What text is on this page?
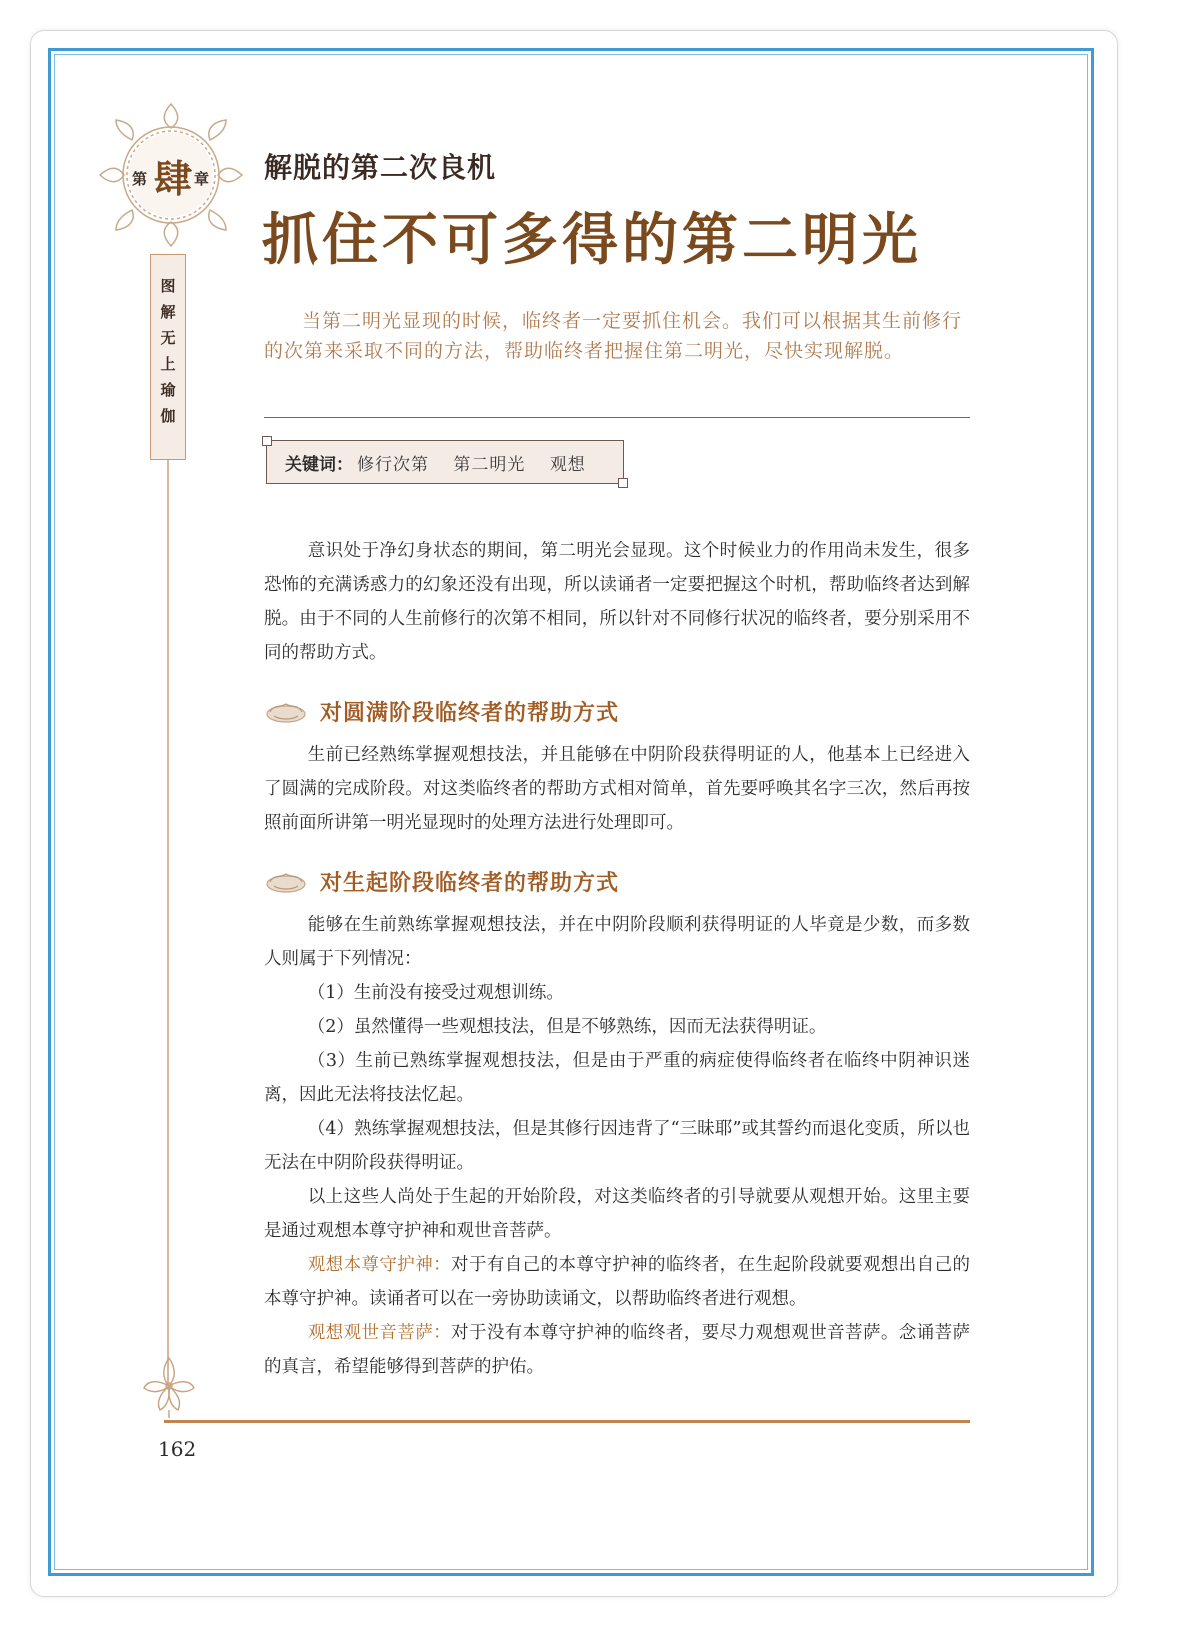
第 肆 章
图
解
无
上
瑜
伽
解脱的第二次良机
抓住不可多得的第二明光

当第二明光显现的时候，临终者一定要抓住机会。我们可以根据其生前修行的次第来采取不同的方法，帮助临终者把握住第二明光，尽快实现解脱。

关键词 ： 修行次第 第二明光 观想

意识处于净幻身状态的期间，第二明光会显现。这个时候业力的作用尚未发生，很多恐怖的充满诱惑力的幻象还没有出现，所以读诵者一定要把握这个时机，帮助临终者达到解脱。由于不同的人生前修行的次第不相同，所以针对不同修行状况的临终者，要分别采用不同的帮助方式。

对圆满阶段临终者的帮助方式

生前已经熟练掌握观想技法，并且能够在中阴阶段获得明证的人，他基本上已经进入了圆满的完成阶段。对这类临终者的帮助方式相对简单，首先要呼唤其名字三次，然后再按照前面所讲第一明光显现时的处理方法进行处理即可。

对生起阶段临终者的帮助方式

能够在生前熟练掌握观想技法，并在中阴阶段顺利获得明证的人毕竟是少数，而多数人则属于下列情况：

（1）生前没有接受过观想训练。

（2）虽然懂得一些观想技法，但是不够熟练，因而无法获得明证。

（3）生前已熟练掌握观想技法，但是由于严重的病症使得临终者在临终中阴神识迷离，因此无法将技法忆起。

（4）熟练掌握观想技法，但是其修行因违背了“三昧耶”或其誓约而退化变质，所以也无法在中阴阶段获得明证。

以上这些人尚处于生起的开始阶段，对这类临终者的引导就要从观想开始。这里主要是通过观想本尊守护神和观世音菩萨。

观想本尊守护神：对于有自己的本尊守护神的临终者，在生起阶段就要观想出自己的本尊守护神。读诵者可以在一旁协助读诵文，以帮助临终者进行观想。

观想观世音菩萨：对于没有本尊守护神的临终者，要尽力观想观世音菩萨。念诵菩萨的真言，希望能够得到菩萨的护佑。

162
